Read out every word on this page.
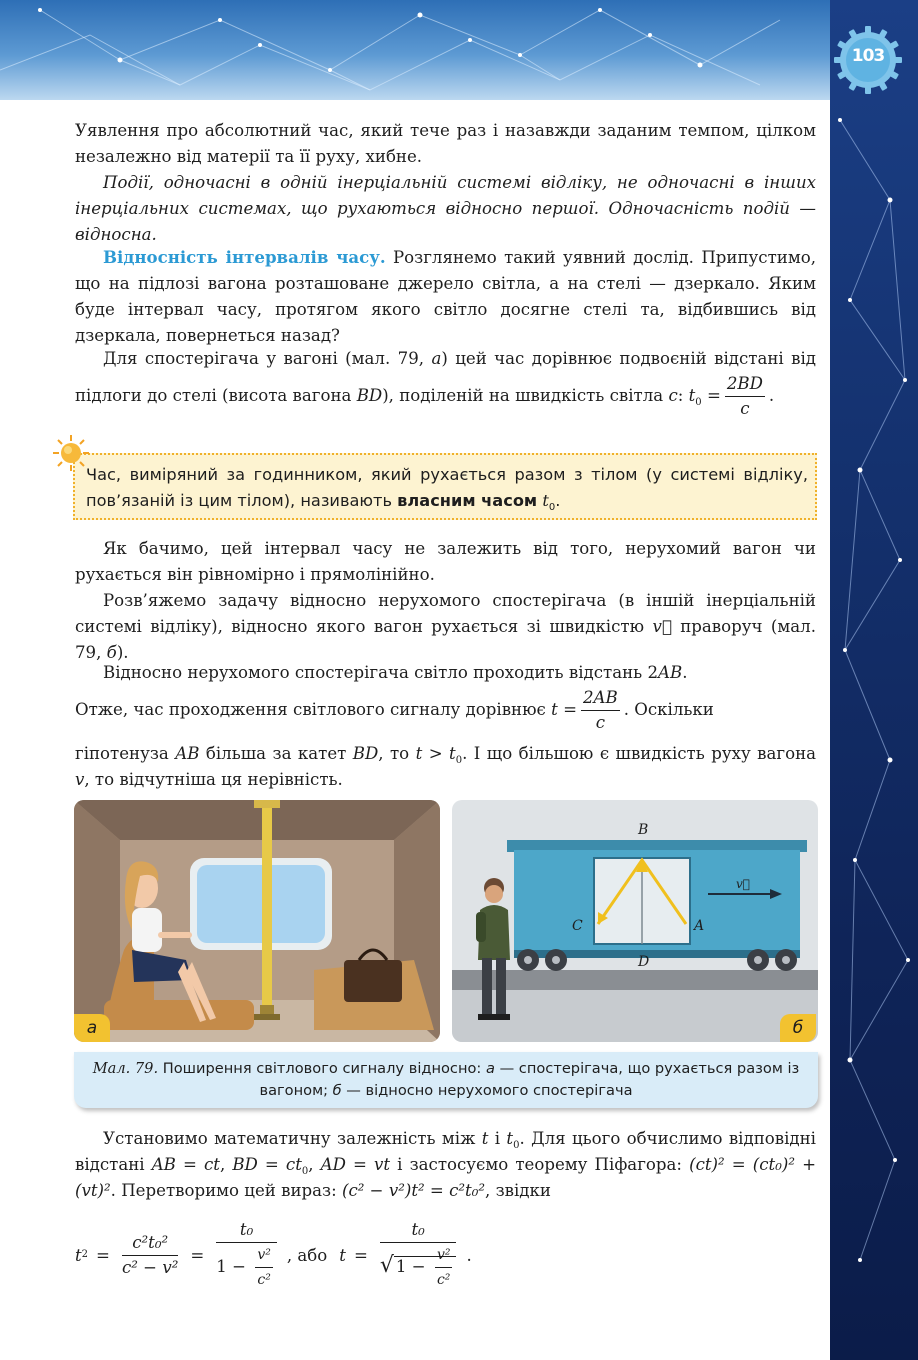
103
Уявлення про абсолютний час, який тече раз і назавжди заданим темпом, цілком незалежно від матерії та її руху, хибне.
Події, одночасні в одній інерціальній системі відліку, не одночасні в інших інерціальних системах, що рухаються відносно першої. Одночасність подій — відносна.
Відносність інтервалів часу. Розглянемо такий уявний дослід. Припустимо, що на підлозі вагона розташоване джерело світла, а на стелі — дзеркало. Яким буде інтервал часу, протягом якого світло досягне стелі та, відбившись від дзеркала, повернеться назад?
Для спостерігача у вагоні (мал. 79, а) цей час дорівнює подвоєній відстані від підлоги до стелі (висота вагона BD), поділеній на швидкість світла c: $t_0 = \frac{2BD}{c}$ .
Час, виміряний за годинником, який рухається разом з тілом (у системі відліку, пов’язаній із цим тілом), називають власним часом $t_0$.
Як бачимо, цей інтервал часу не залежить від того, нерухомий вагон чи рухається він рівномірно і прямолінійно.
Розв’яжемо задачу відносно нерухомого спостерігача (в іншій інерціальній системі відліку), відносно якого вагон рухається зі швидкістю v⃗ праворуч (мал. 79, б).
Відносно нерухомого спостерігача світло проходить відстань 2AB.
Отже, час проходження світлового сигналу дорівнює $t = \frac{2AB}{c}$ . Оскільки
гіпотенуза AB більша за катет BD, то $t > t_0$. І що більшою є швидкість руху вагона v, то відчутніша ця нерівність.
а
B
C	A
D
v⃗
б
Мал. 79. Поширення світлового сигналу відносно: а — спостерігача, що рухається разом із вагоном; б — відносно нерухомого спостерігача
Установимо математичну залежність між t і $t_0$. Для цього обчислимо відповідні відстані AB = ct, BD = $ct_0$, AD = vt і застосуємо теорему Піфагора: (ct)² = (ct₀)² + (vt)². Перетворимо цей вираз: (c² − v²)t² = c²t₀², звідки
t $2 = \frac{\text{c²t₀²}}{\text{c² − v²}} = \frac{\text{t₀}}{1 - \frac{\text{v²}}{\text{c²}}}$ , або $t = \frac{\text{t₀}}{√ 1 - \frac{\text{v²}}{\text{c²}}}$ .
